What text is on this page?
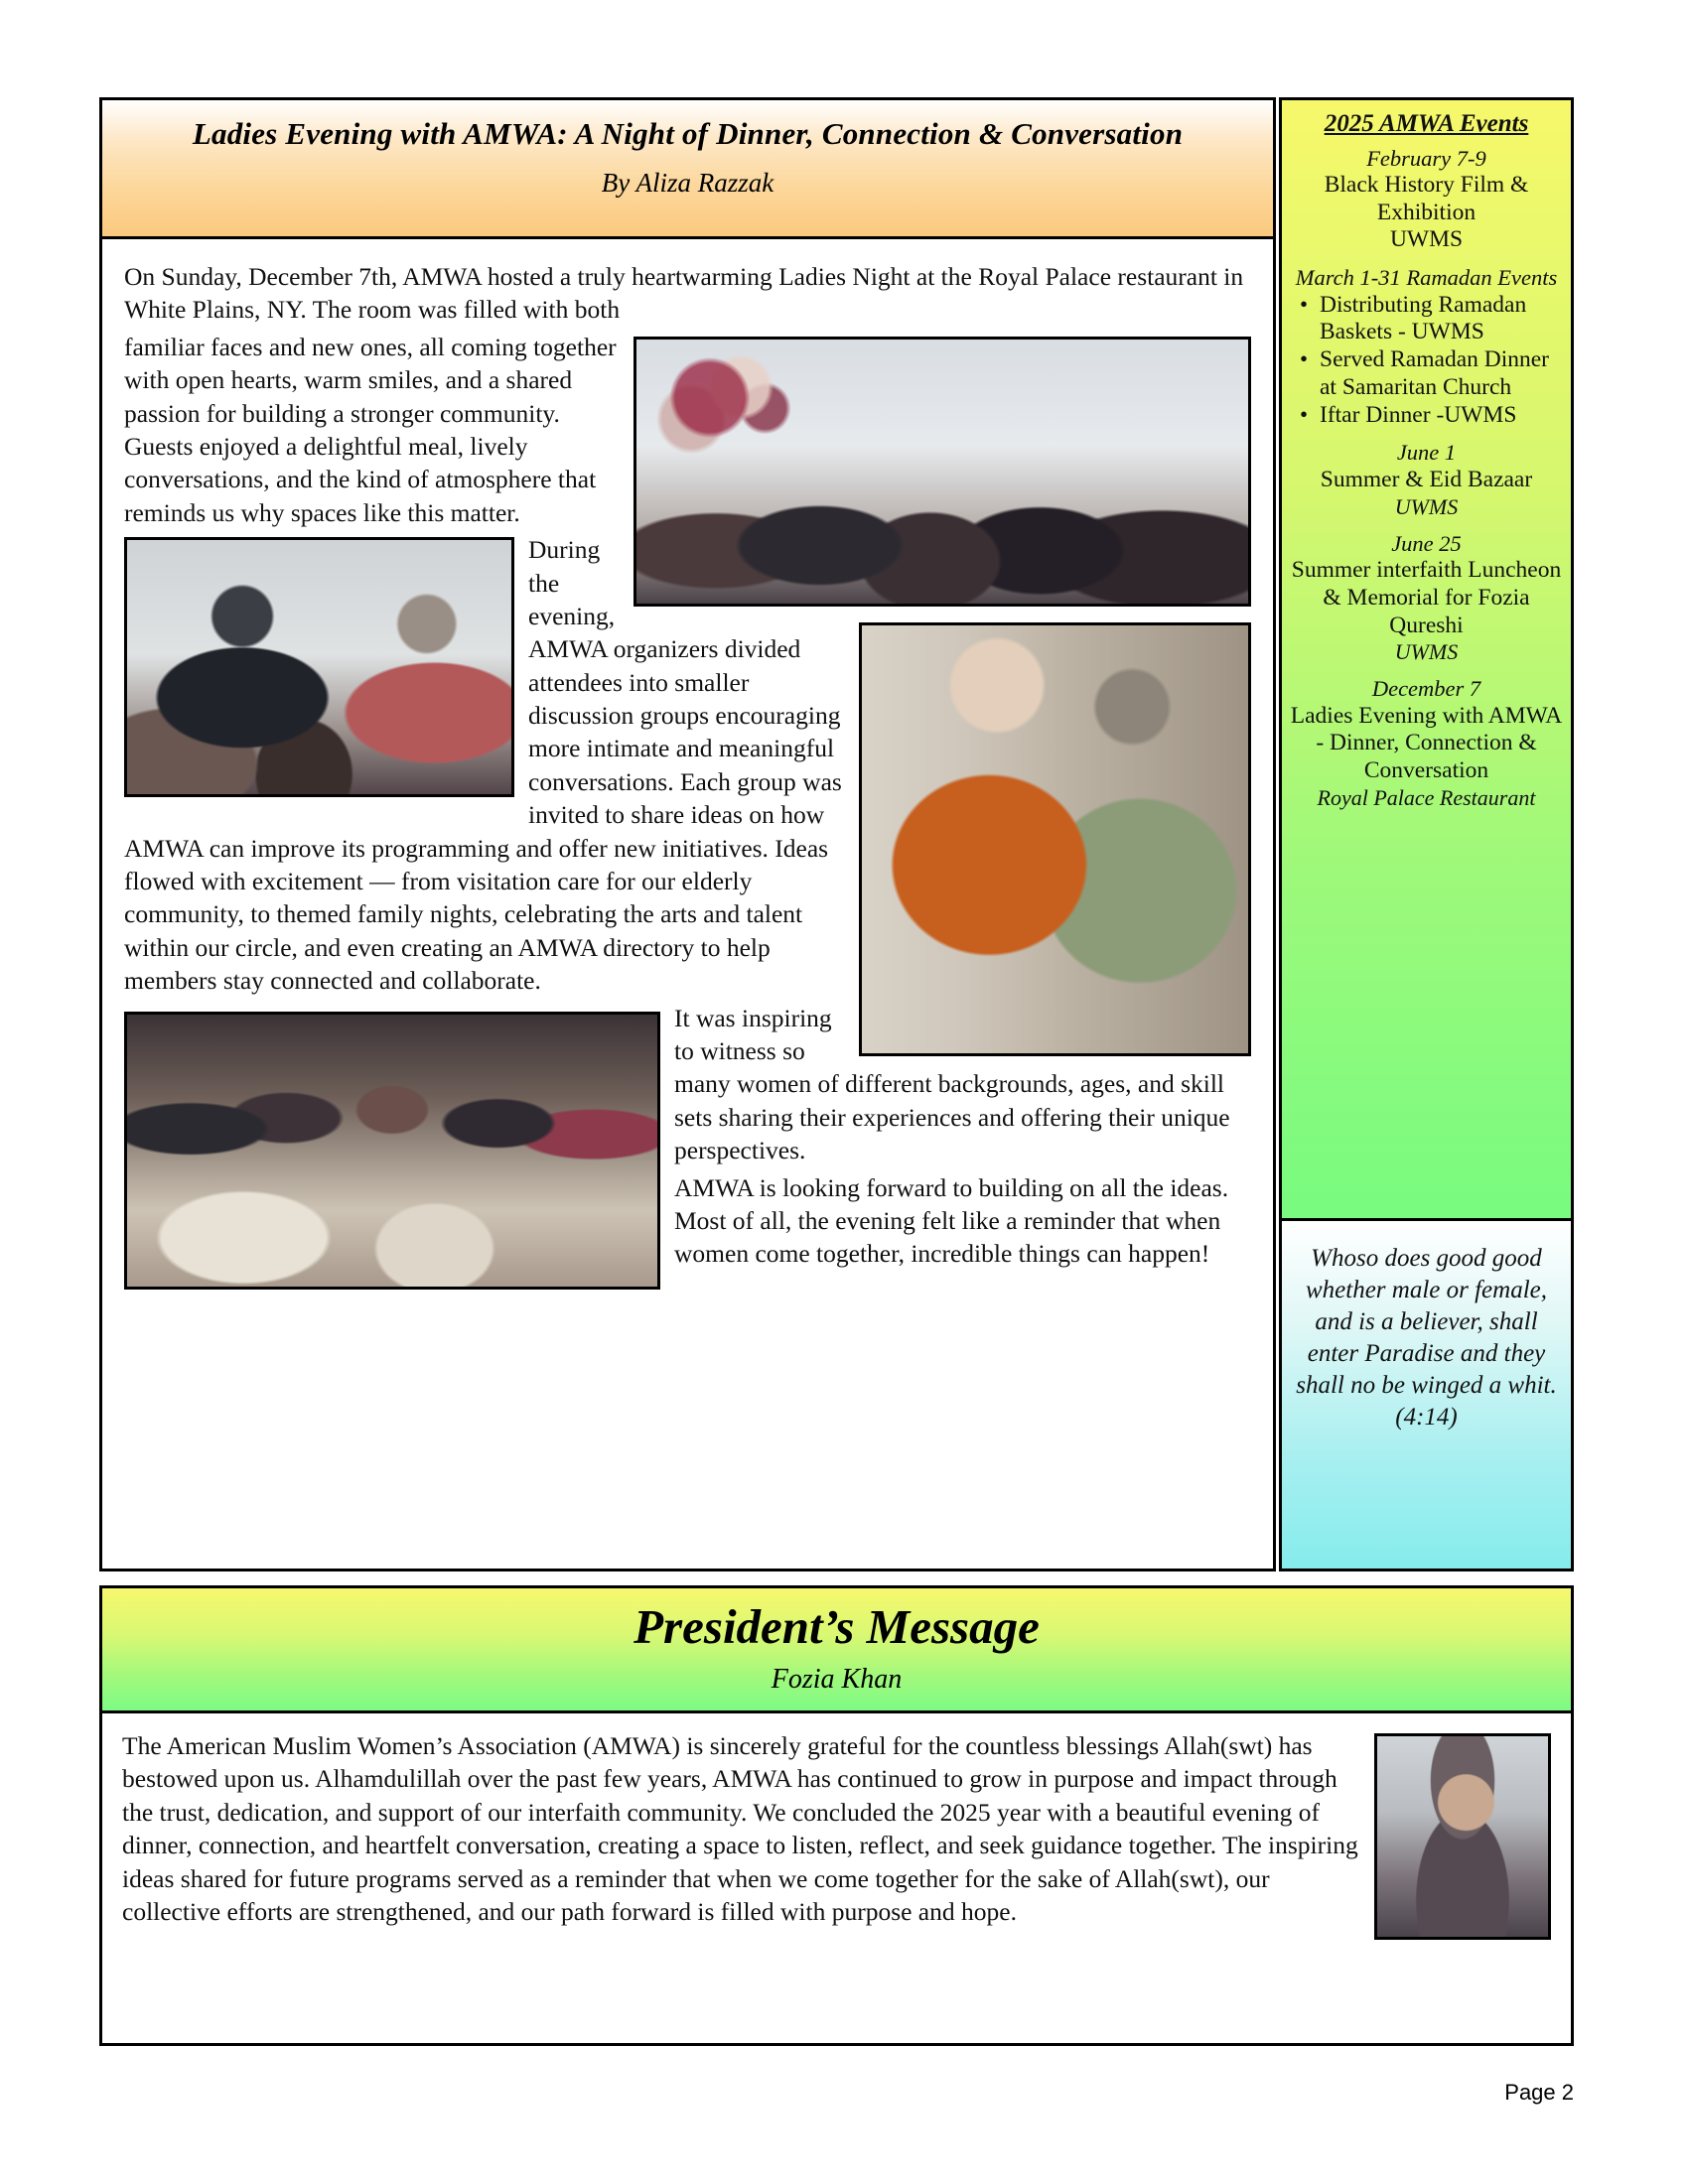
Ladies Evening with AMWA: A Night of Dinner, Connection & Conversation
By Aliza Razzak

On Sunday, December 7th, AMWA hosted a truly heartwarming Ladies Night at the Royal Palace restaurant in White Plains, NY. The room was filled with both

familiar faces and new ones, all coming together with open hearts, warm smiles, and a shared passion for building a stronger community. Guests enjoyed a delightful meal, lively conversations, and the kind of atmosphere that reminds us why spaces like this matter.

During the evening, AMWA organizers divided attendees into smaller discussion groups encouraging more intimate and meaningful conversations. Each group was invited to share ideas on how AMWA can improve its programming and offer new initiatives. Ideas flowed with excitement — from visitation care for our elderly community, to themed family nights, celebrating the arts and talent within our circle, and even creating an AMWA directory to help members stay connected and collaborate.

It was inspiring to witness so many women of different backgrounds, ages, and skill sets sharing their experiences and offering their unique perspectives.

AMWA is looking forward to building on all the ideas. Most of all, the evening felt like a reminder that when women come together, incredible things can happen!

2025 AMWA Events
February 7-9
Black History Film & Exhibition
UWMS
March 1-31 Ramadan Events
• Distributing Ramadan Baskets - UWMS
• Served Ramadan Dinner at Samaritan Church
• Iftar Dinner -UWMS
June 1
Summer & Eid Bazaar
UWMS
June 25
Summer interfaith Luncheon & Memorial for Fozia Qureshi
UWMS
December 7
Ladies Evening with AMWA - Dinner, Connection & Conversation
Royal Palace Restaurant
Whoso does good good whether male or female, and is a believer, shall enter Paradise and they shall no be winged a whit.
(4:14)
President’s Message
Fozia Khan

The American Muslim Women’s Association (AMWA) is sincerely grateful for the countless blessings Allah(swt) has bestowed upon us. Alhamdulillah over the past few years, AMWA has continued to grow in purpose and impact through the trust, dedication, and support of our interfaith community. We concluded the 2025 year with a beautiful evening of dinner, connection, and heartfelt conversation, creating a space to listen, reflect, and seek guidance together. The inspiring ideas shared for future programs served as a reminder that when we come together for the sake of Allah(swt), our collective efforts are strengthened, and our path forward is filled with purpose and hope.

Page 2
